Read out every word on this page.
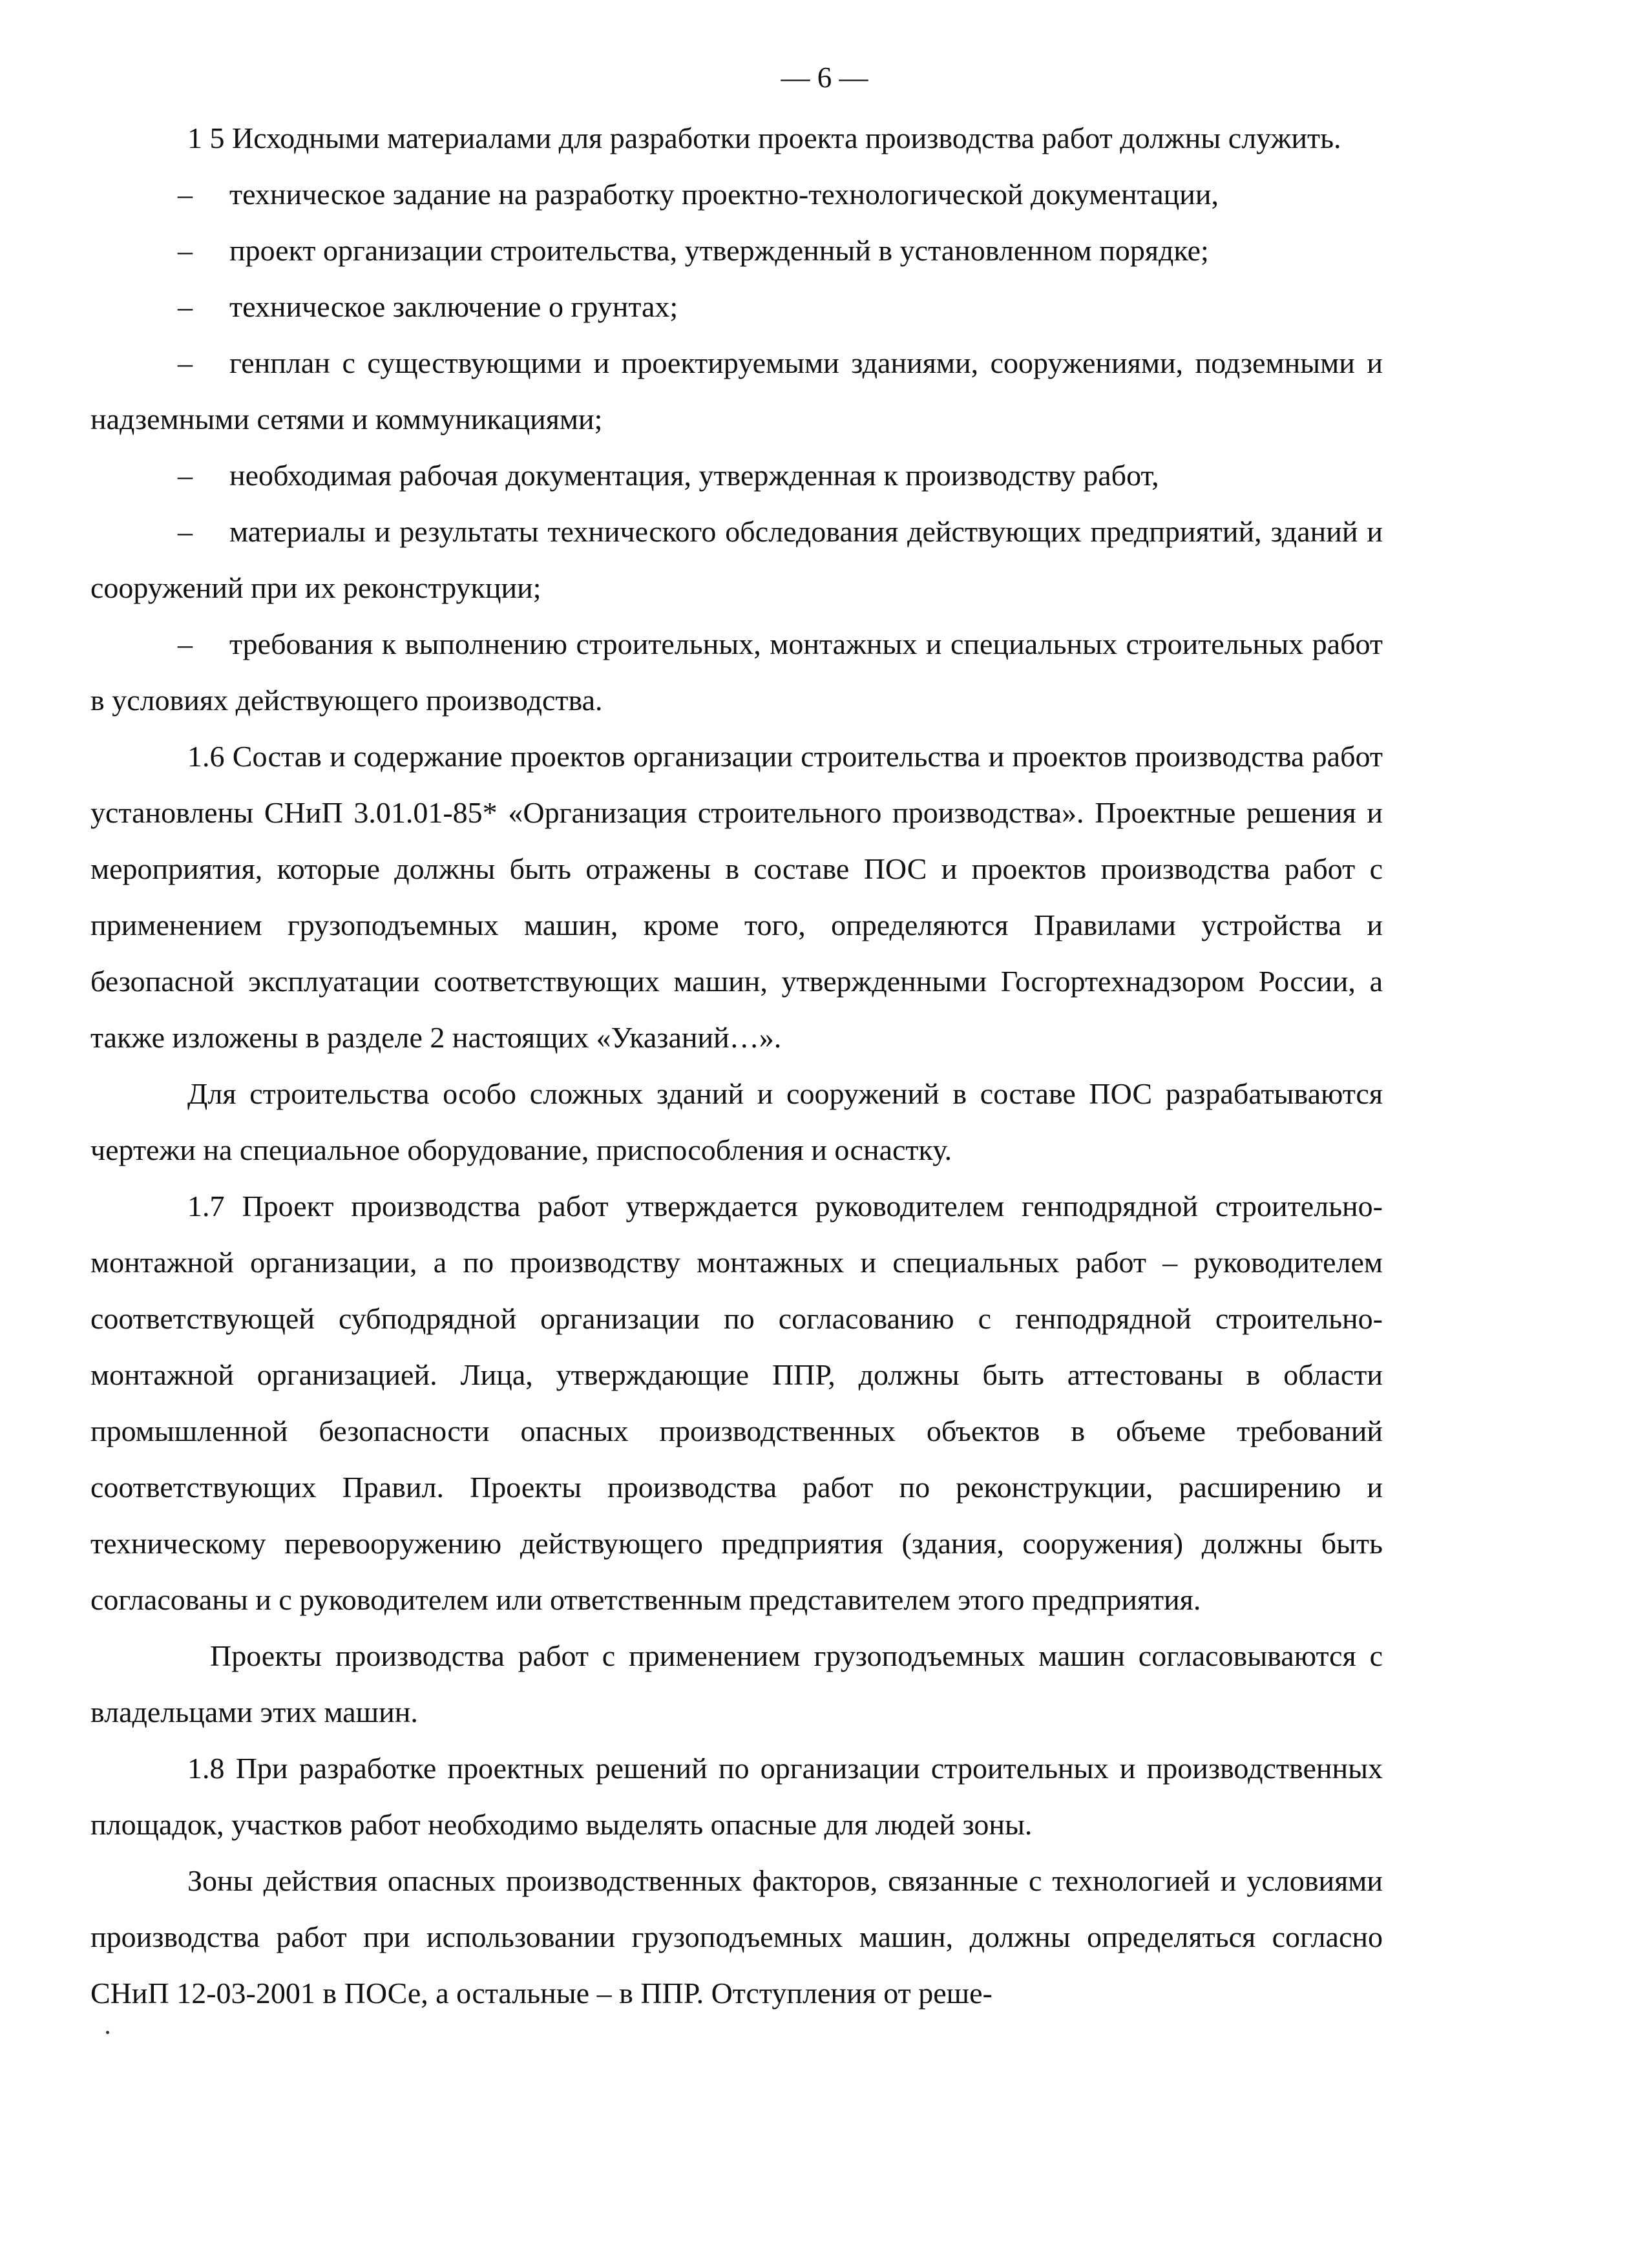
— 6 —

1 5 Исходными материалами для разработки проекта производства работ должны служить.

– техническое задание на разработку проектно-технологической документации,

– проект организации строительства, утвержденный в установленном порядке;

– техническое заключение о грунтах;

– генплан с существующими и проектируемыми зданиями, сооружениями, подземными и надземными сетями и коммуникациями;

– необходимая рабочая документация, утвержденная к производству работ,

– материалы и результаты технического обследования действующих предприятий, зданий и сооружений при их реконструкции;

– требования к выполнению строительных, монтажных и специальных строительных работ в условиях действующего производства.

1.6 Состав и содержание проектов организации строительства и проектов производства работ установлены СНиП 3.01.01-85* «Организация строительного производства». Проектные решения и мероприятия, которые должны быть отражены в составе ПОС и проектов производства работ с применением грузоподъемных машин, кроме того, определяются Правилами устройства и безопасной эксплуатации соответствующих машин, утвержденными Госгортехнадзором России, а также изложены в разделе 2 настоящих «Указаний…».

Для строительства особо сложных зданий и сооружений в составе ПОС разрабатываются чертежи на специальное оборудование, приспособления и оснастку.

1.7 Проект производства работ утверждается руководителем генподрядной строительно-монтажной организации, а по производству монтажных и специальных работ – руководителем соответствующей субподрядной организации по согласованию с генподрядной строительно-монтажной организацией. Лица, утверждающие ППР, должны быть аттестованы в области промышленной безопасности опасных производственных объектов в объеме требований соответствующих Правил. Проекты производства работ по реконструкции, расширению и техническому перевооружению действующего предприятия (здания, сооружения) должны быть согласованы и с руководителем или ответственным представителем этого предприятия.

Проекты производства работ с применением грузоподъемных машин согласовываются с владельцами этих машин.

1.8 При разработке проектных решений по организации строительных и производственных площадок, участков работ необходимо выделять опасные для людей зоны.

Зоны действия опасных производственных факторов, связанные с технологией и условиями производства работ при использовании грузоподъемных машин, должны определяться согласно СНиП 12-03-2001 в ПОСе, а остальные – в ППР. Отступления от реше-
